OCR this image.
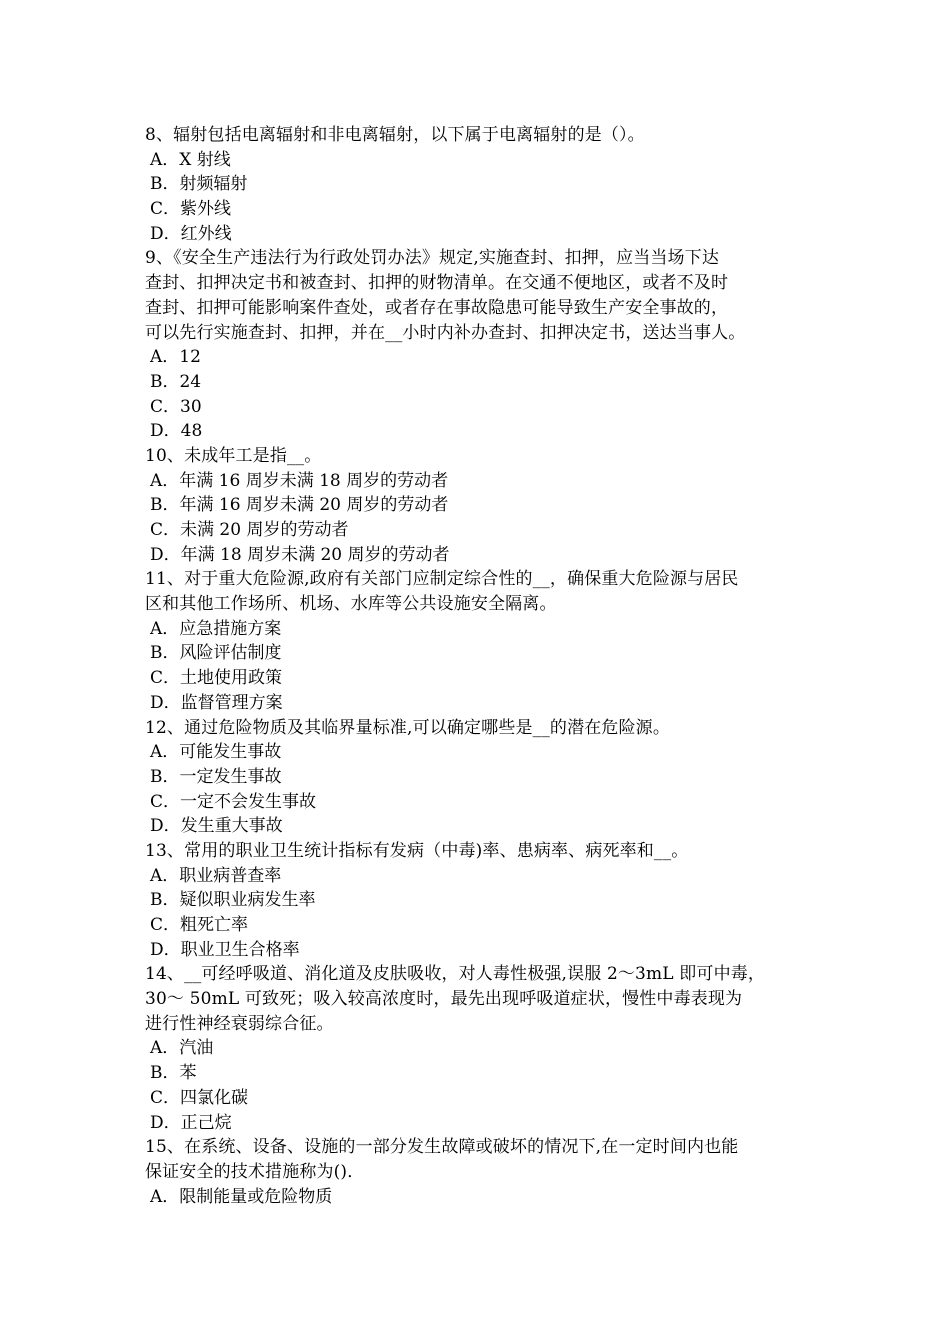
8、辐射包括电离辐射和非电离辐射，以下属于电离辐射的是（）。
A．X 射线
B．射频辐射
C．紫外线
D．红外线
9、《安全生产违法行为行政处罚办法》规定,实施查封、扣押，应当当场下达
查封、扣押决定书和被查封、扣押的财物清单。在交通不便地区，或者不及时
查封、扣押可能影响案件查处，或者存在事故隐患可能导致生产安全事故的，
可以先行实施查封、扣押，并在__小时内补办查封、扣押决定书，送达当事人。
A．12
B．24
C．30
D．48
10、未成年工是指__。
A．年满 16 周岁未满 18 周岁的劳动者
B．年满 16 周岁未满 20 周岁的劳动者
C．未满 20 周岁的劳动者
D．年满 18 周岁未满 20 周岁的劳动者
11、对于重大危险源,政府有关部门应制定综合性的__，确保重大危险源与居民
区和其他工作场所、机场、水库等公共设施安全隔离。
A．应急措施方案
B．风险评估制度
C．土地使用政策
D．监督管理方案
12、通过危险物质及其临界量标准,可以确定哪些是__的潜在危险源。
A．可能发生事故
B．一定发生事故
C．一定不会发生事故
D．发生重大事故
13、常用的职业卫生统计指标有发病（中毒)率、患病率、病死率和__。
A．职业病普查率
B．疑似职业病发生率
C．粗死亡率
D．职业卫生合格率
14、__可经呼吸道、消化道及皮肤吸收，对人毒性极强,误服 2～3mL 即可中毒，
30～ 50mL 可致死；吸入较高浓度时，最先出现呼吸道症状，慢性中毒表现为
进行性神经衰弱综合征。
A．汽油
B．苯
C．四氯化碳
D．正己烷
15、在系统、设备、设施的一部分发生故障或破坏的情况下,在一定时间内也能
保证安全的技术措施称为()．
A．限制能量或危险物质
